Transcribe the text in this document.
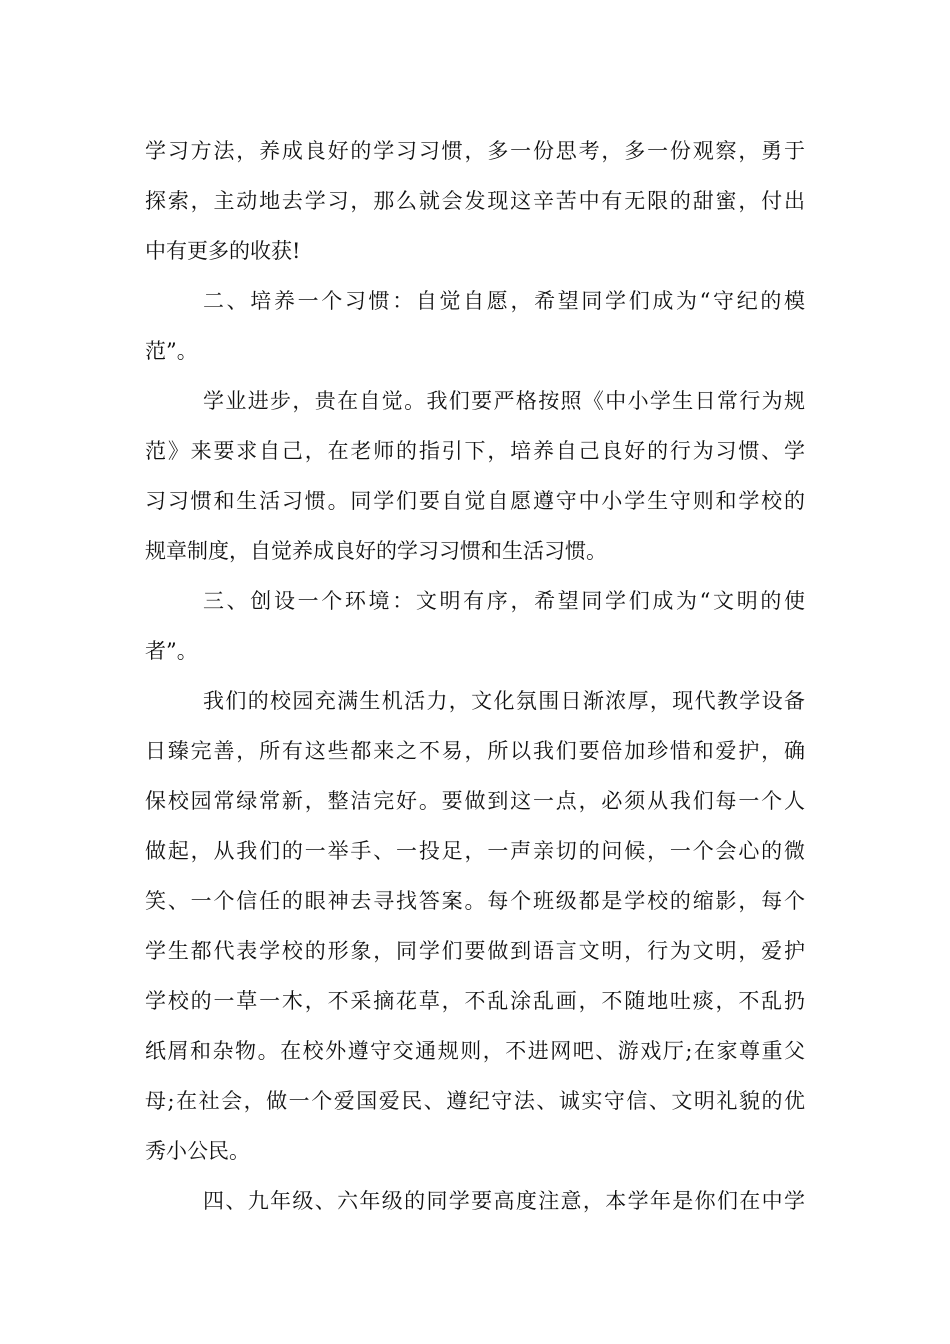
学习方法，养成良好的学习习惯，多一份思考，多一份观察，勇于
探索，主动地去学习，那么就会发现这辛苦中有无限的甜蜜，付出
中有更多的收获!
二、培养一个习惯：自觉自愿，希望同学们成为“守纪的模
范”。
学业进步，贵在自觉。我们要严格按照《中小学生日常行为规
范》来要求自己，在老师的指引下，培养自己良好的行为习惯、学
习习惯和生活习惯。同学们要自觉自愿遵守中小学生守则和学校的
规章制度，自觉养成良好的学习习惯和生活习惯。
三、创设一个环境：文明有序，希望同学们成为“文明的使
者”。
我们的校园充满生机活力，文化氛围日渐浓厚，现代教学设备
日臻完善，所有这些都来之不易，所以我们要倍加珍惜和爱护，确
保校园常绿常新，整洁完好。要做到这一点，必须从我们每一个人
做起，从我们的一举手、一投足，一声亲切的问候，一个会心的微
笑、一个信任的眼神去寻找答案。每个班级都是学校的缩影，每个
学生都代表学校的形象，同学们要做到语言文明，行为文明，爱护
学校的一草一木，不采摘花草，不乱涂乱画，不随地吐痰，不乱扔
纸屑和杂物。在校外遵守交通规则，不进网吧、游戏厅;在家尊重父
母;在社会，做一个爱国爱民、遵纪守法、诚实守信、文明礼貌的优
秀小公民。
四、九年级、六年级的同学要高度注意，本学年是你们在中学
